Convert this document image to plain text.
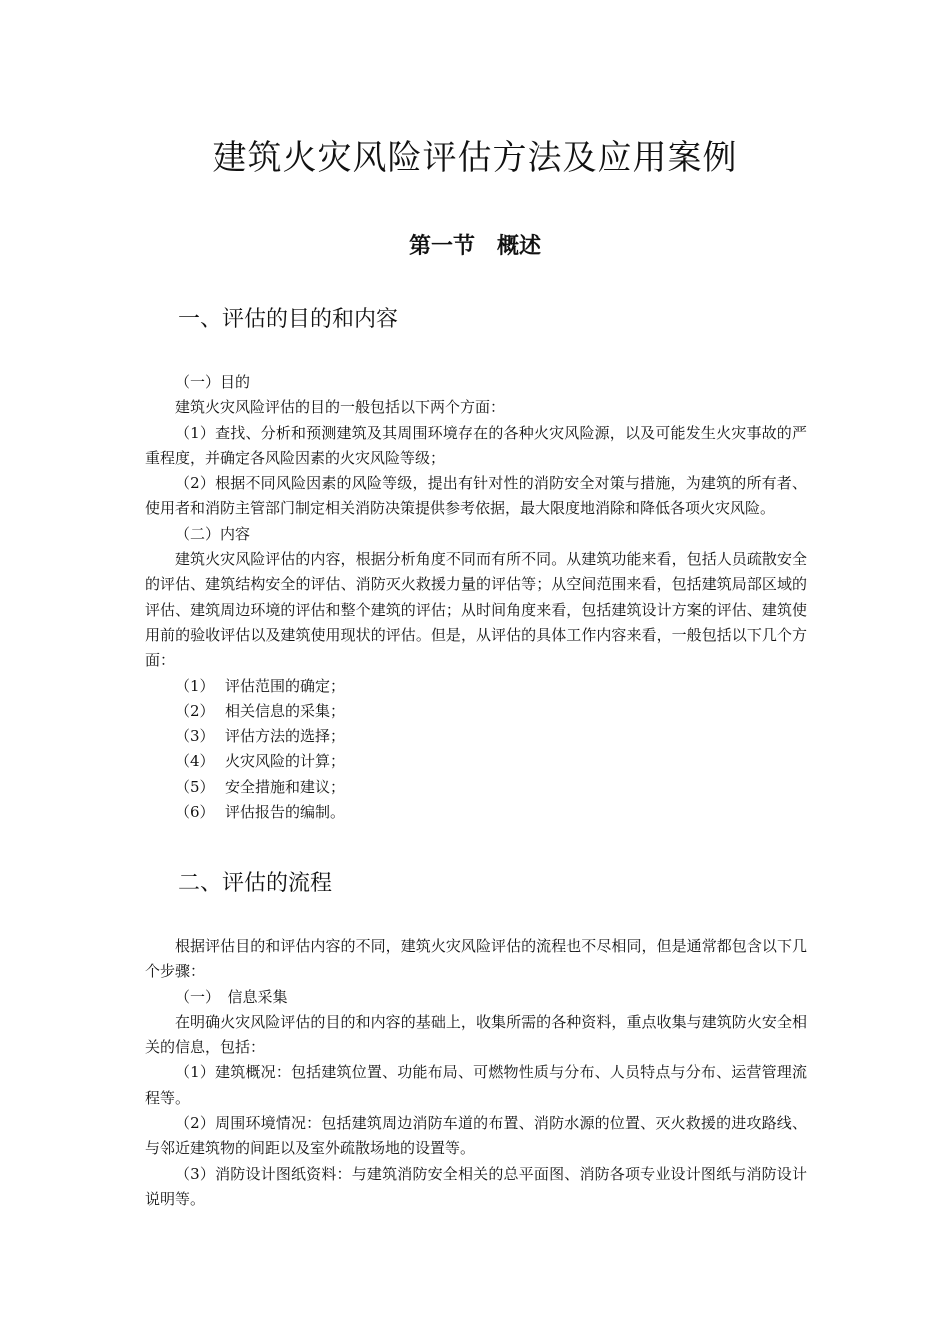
建筑火灾风险评估方法及应用案例
第一节　概述
一、评估的目的和内容

（一）目的

建筑火灾风险评估的目的一般包括以下两个方面：

（1）查找、分析和预测建筑及其周围环境存在的各种火灾风险源，以及可能发生火灾事故的严重程度，并确定各风险因素的火灾风险等级；

（2）根据不同风险因素的风险等级，提出有针对性的消防安全对策与措施，为建筑的所有者、使用者和消防主管部门制定相关消防决策提供参考依据，最大限度地消除和降低各项火灾风险。

（二）内容

建筑火灾风险评估的内容，根据分析角度不同而有所不同。从建筑功能来看，包括人员疏散安全的评估、建筑结构安全的评估、消防灭火救援力量的评估等；从空间范围来看，包括建筑局部区域的评估、建筑周边环境的评估和整个建筑的评估；从时间角度来看，包括建筑设计方案的评估、建筑使用前的验收评估以及建筑使用现状的评估。但是，从评估的具体工作内容来看，一般包括以下几个方面：

（1） 评估范围的确定；
（2） 相关信息的采集；
（3） 评估方法的选择；
（4） 火灾风险的计算；
（5） 安全措施和建议；
（6） 评估报告的编制。
二、评估的流程

根据评估目的和评估内容的不同，建筑火灾风险评估的流程也不尽相同，但是通常都包含以下几个步骤：

（一）　信息采集

在明确火灾风险评估的目的和内容的基础上，收集所需的各种资料，重点收集与建筑防火安全相关的信息，包括：

（1）建筑概况：包括建筑位置、功能布局、可燃物性质与分布、人员特点与分布、运营管理流程等。

（2）周围环境情况：包括建筑周边消防车道的布置、消防水源的位置、灭火救援的进攻路线、与邻近建筑物的间距以及室外疏散场地的设置等。

（3）消防设计图纸资料：与建筑消防安全相关的总平面图、消防各项专业设计图纸与消防设计说明等。
